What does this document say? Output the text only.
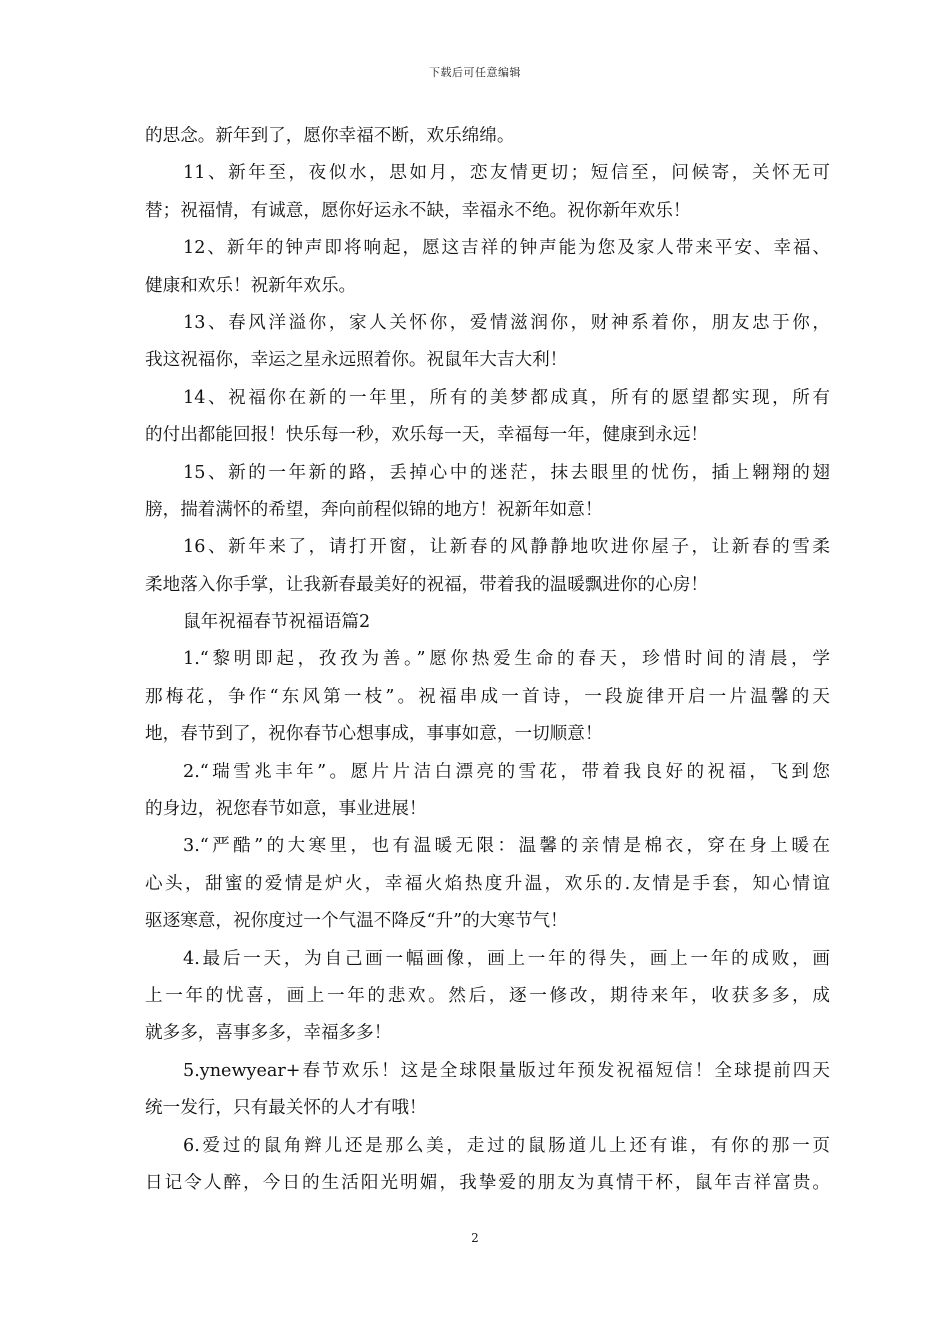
下载后可任意编辑
的思念。新年到了，愿你幸福不断，欢乐绵绵。
11、新年至，夜似水，思如月，恋友情更切；短信至，问候寄，关怀无可
替；祝福情，有诚意，愿你好运永不缺，幸福永不绝。祝你新年欢乐！
12、新年的钟声即将响起，愿这吉祥的钟声能为您及家人带来平安、幸福、
健康和欢乐！祝新年欢乐。
13、春风洋溢你，家人关怀你，爱情滋润你，财神系着你，朋友忠于你，
我这祝福你，幸运之星永远照着你。祝鼠年大吉大利！
14、祝福你在新的一年里，所有的美梦都成真，所有的愿望都实现，所有
的付出都能回报！快乐每一秒，欢乐每一天，幸福每一年，健康到永远！
15、新的一年新的路，丢掉心中的迷茫，抹去眼里的忧伤，插上翱翔的翅
膀，揣着满怀的希望，奔向前程似锦的地方！祝新年如意！
16、新年来了，请打开窗，让新春的风静静地吹进你屋子，让新春的雪柔
柔地落入你手掌，让我新春最美好的祝福，带着我的温暖飘进你的心房！
鼠年祝福春节祝福语篇2
1.“黎明即起，孜孜为善。”愿你热爱生命的春天，珍惜时间的清晨，学
那梅花，争作“东风第一枝”。祝福串成一首诗，一段旋律开启一片温馨的天
地，春节到了，祝你春节心想事成，事事如意，一切顺意！
2.“瑞雪兆丰年”。愿片片洁白漂亮的雪花，带着我良好的祝福，飞到您
的身边，祝您春节如意，事业进展！
3.“严酷”的大寒里，也有温暖无限：温馨的亲情是棉衣，穿在身上暖在
心头，甜蜜的爱情是炉火，幸福火焰热度升温，欢乐的.友情是手套，知心情谊
驱逐寒意，祝你度过一个气温不降反“升”的大寒节气！
4.最后一天，为自己画一幅画像，画上一年的得失，画上一年的成败，画
上一年的忧喜，画上一年的悲欢。然后，逐一修改，期待来年，收获多多，成
就多多，喜事多多，幸福多多！
5.ynewyear+春节欢乐！这是全球限量版过年预发祝福短信！全球提前四天
统一发行，只有最关怀的人才有哦！
6.爱过的鼠角辫儿还是那么美，走过的鼠肠道儿上还有谁，有你的那一页
日记令人醉，今日的生活阳光明媚，我挚爱的朋友为真情干杯，鼠年吉祥富贵。
2
